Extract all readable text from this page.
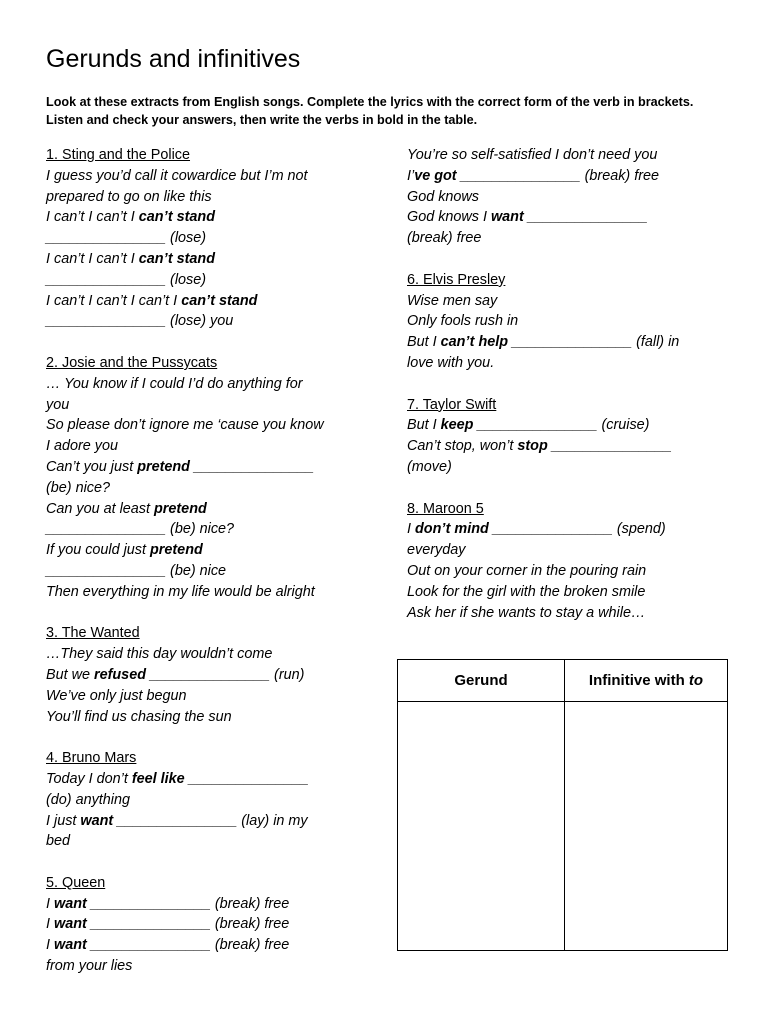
Gerunds and infinitives
Look at these extracts from English songs. Complete the lyrics with the correct form of the verb in brackets. Listen and check your answers, then write the verbs in bold in the table.
1. Sting and the Police
I guess you’d call it cowardice but I’m not
prepared to go on like this
I can’t I can’t I can’t stand
_______________ (lose)
I can’t I can’t I can’t stand
_______________ (lose)
I can’t I can’t I can’t I can’t stand
_______________ (lose) you
2. Josie and the Pussycats
… You know if I could I’d do anything for
you
So please don’t ignore me ‘cause you know
I adore you
Can’t you just pretend _______________
(be) nice?
Can you at least pretend
_______________ (be) nice?
If you could just pretend
_______________ (be) nice
Then everything in my life would be alright
3. The Wanted
…They said this day wouldn’t come
But we refused _______________ (run)
We’ve only just begun
You’ll find us chasing the sun
4. Bruno Mars
Today I don’t feel like _______________
(do) anything
I just want _______________ (lay) in my
bed
5. Queen
I want _______________ (break) free
I want _______________ (break) free
I want _______________ (break) free
from your lies
You’re so self-satisfied I don’t need you
I’ve got _______________ (break) free
God knows
God knows I want _______________
(break) free
6. Elvis Presley
Wise men say
Only fools rush in
But I can’t help _______________ (fall) in
love with you.
7. Taylor Swift
But I keep _______________ (cruise)
Can’t stop, won’t stop _______________
(move)
8. Maroon 5
I don’t mind _______________ (spend)
everyday
Out on your corner in the pouring rain
Look for the girl with the broken smile
Ask her if she wants to stay a while…
Gerund	Infinitive with to
